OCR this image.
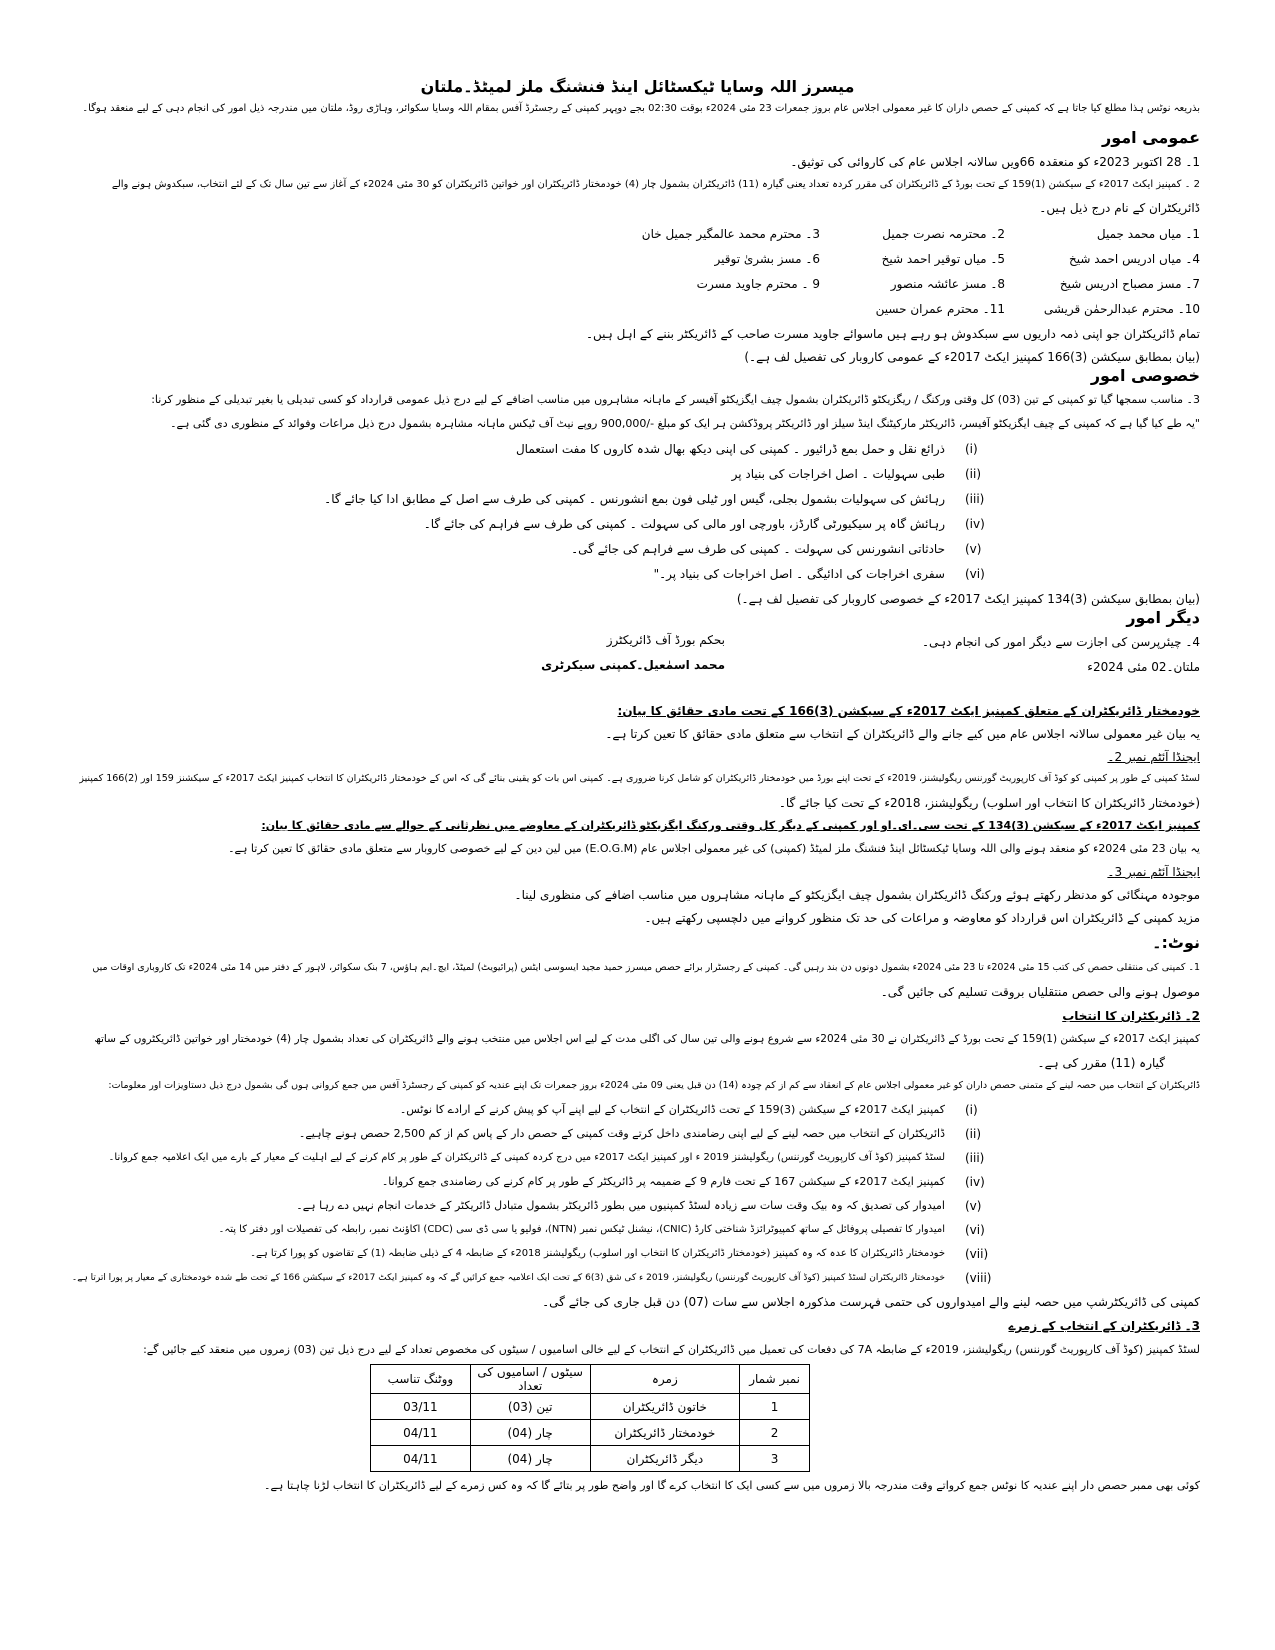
میسرز اللہ وسایا ٹیکسٹائل اینڈ فنشنگ ملز لمیٹڈ۔ملتان
بذریعہ نوٹس ہذا مطلع کیا جاتا ہے کہ کمپنی کے حصص داران کا غیر معمولی اجلاس عام بروز جمعرات 23 مئی 2024ء بوقت 02:30 بجے دوپہر کمپنی کے رجسٹرڈ آفس بمقام اللہ وسایا سکوائر، وہاڑی روڈ، ملتان میں مندرجہ ذیل امور کی انجام دہی کے لیے منعقد ہوگا۔
عمومی امور
1۔ 28 اکتوبر 2023ء کو منعقدہ 66ویں سالانہ اجلاس عام کی کاروائی کی توثیق۔
2 ۔ کمپنیز ایکٹ 2017ء کے سیکشن (1)159 کے تحت بورڈ کے ڈائریکٹران کی مقرر کردہ تعداد یعنی گیارہ (11) ڈائریکٹران بشمول چار (4) خودمختار ڈائریکٹران اور خواتین ڈائریکٹران کو 30 مئی 2024ء کے آغاز سے تین سال تک کے لئے انتخاب، سبکدوش ہونے والے
ڈائریکٹران کے نام درج ذیل ہیں۔
1۔ میاں محمد جمیل
2۔ محترمہ نصرت جمیل
3۔ محترم محمد عالمگیر جمیل خان
4۔ میاں ادریس احمد شیخ
5۔ میاں توقیر احمد شیخ
6۔ مسز بشریٰ توقیر
7۔ مسز مصباح ادریس شیخ
8۔ مسز عائشہ منصور
9 ۔ محترم جاوید مسرت
10۔ محترم عبدالرحمٰن قریشی
11۔ محترم عمران حسین
تمام ڈائریکٹران جو اپنی ذمہ داریوں سے سبکدوش ہو رہے ہیں ماسوائے جاوید مسرت صاحب کے ڈائریکٹر بننے کے اہل ہیں۔
(بیان بمطابق سیکشن (3)166 کمپنیز ایکٹ 2017ء کے عمومی کاروبار کی تفصیل لف ہے۔)
خصوصی امور
3۔ مناسب سمجھا گیا تو کمپنی کے تین (03) کل وقتی ورکنگ / ریگزیکٹو ڈائریکٹران بشمول چیف ایگزیکٹو آفیسر کے ماہانہ مشاہروں میں مناسب اضافے کے لیے درج ذیل عمومی قرارداد کو کسی تبدیلی یا بغیر تبدیلی کے منظور کرنا:
"یہ طے کیا گیا ہے کہ کمپنی کے چیف ایگزیکٹو آفیسر، ڈائریکٹر مارکیٹنگ اینڈ سیلز اور ڈائریکٹر پروڈکشن ہر ایک کو مبلغ -/900,000 روپے نیٹ آف ٹیکس ماہانہ مشاہرہ بشمول درج ذیل مراعات وفوائد کے منظوری دی گئی ہے۔
(i)
ذرائع نقل و حمل بمع ڈرائیور ۔ کمپنی کی اپنی دیکھ بھال شدہ کاروں کا مفت استعمال
(ii)
طبی سہولیات ۔ اصل اخراجات کی بنیاد پر
(iii)
رہائش کی سہولیات بشمول بجلی، گیس اور ٹیلی فون بمع انشورنس ۔ کمپنی کی طرف سے اصل کے مطابق ادا کیا جائے گا۔
(iv)
رہائش گاہ پر سیکیورٹی گارڈز، باورچی اور مالی کی سہولت ۔ کمپنی کی طرف سے فراہم کی جائے گا۔
(v)
حادثاتی انشورنس کی سہولت ۔ کمپنی کی طرف سے فراہم کی جائے گی۔
(vi)
سفری اخراجات کی ادائیگی ۔ اصل اخراجات کی بنیاد پر۔"
(بیان بمطابق سیکشن (3)134 کمپنیز ایکٹ 2017ء کے خصوصی کاروبار کی تفصیل لف ہے۔)
دیگر امور
4۔ چیئرپرسن کی اجازت سے دیگر امور کی انجام دہی۔
ملتان۔02 مئی 2024ء
بحکم بورڈ آف ڈائریکٹرز
محمد اسمٰعیل۔کمپنی سیکرٹری
خودمختار ڈائریکٹران کے متعلق کمپنیز ایکٹ 2017ء کے سیکشن (3)166 کے تحت مادی حقائق کا بیان:
یہ بیان غیر معمولی سالانہ اجلاس عام میں کیے جانے والے ڈائریکٹران کے انتخاب سے متعلق مادی حقائق کا تعین کرتا ہے۔
ایجنڈا آئٹم نمبر 2۔
لسٹڈ کمپنی کے طور پر کمپنی کو کوڈ آف کارپوریٹ گورننس ریگولیشنز، 2019ء کے تحت اپنے بورڈ میں خودمختار ڈائریکٹران کو شامل کرنا ضروری ہے۔ کمپنی اس بات کو یقینی بنائے گی کہ اس کے خودمختار ڈائریکٹران کا انتخاب کمپنیز ایکٹ 2017ء کے سیکشنز 159 اور (2)166 کمپنیز
(خودمختار ڈائریکٹران کا انتخاب اور اسلوب) ریگولیشنز، 2018ء کے تحت کیا جائے گا۔
کمپنیز ایکٹ 2017ء کے سیکشن (3)134 کے تحت سی۔ای۔او اور کمپنی کے دیگر کل وقتی ورکنگ ایگزیکٹو ڈائریکٹران کے معاوضے میں نظرثانی کے حوالے سے مادی حقائق کا بیان:
یہ بیان 23 مئی 2024ء کو منعقد ہونے والی اللہ وسایا ٹیکسٹائل اینڈ فنشنگ ملز لمیٹڈ (کمپنی) کی غیر معمولی اجلاس عام (E.O.G.M) میں لین دین کے لیے خصوصی کاروبار سے متعلق مادی حقائق کا تعین کرتا ہے۔
ایجنڈا آئٹم نمبر 3۔
موجودہ مہنگائی کو مدنظر رکھتے ہوئے ورکنگ ڈائریکٹران بشمول چیف ایگزیکٹو کے ماہانہ مشاہروں میں مناسب اضافے کی منظوری لینا۔
مزید کمپنی کے ڈائریکٹران اس قرارداد کو معاوضہ و مراعات کی حد تک منظور کروانے میں دلچسپی رکھتے ہیں۔
نوٹ:۔
1۔ کمپنی کی منتقلی حصص کی کتب 15 مئی 2024ء تا 23 مئی 2024ء بشمول دونوں دن بند رہیں گی۔ کمپنی کے رجسٹرار برائے حصص میسرز حمید مجید ایسوسی ایٹس (پرائیویٹ) لمیٹڈ، ایچ۔ایم ہاؤس، 7 بنک سکوائر، لاہور کے دفتر میں 14 مئی 2024ء تک کاروباری اوقات میں
موصول ہونے والی حصص منتقلیاں بروقت تسلیم کی جائیں گی۔
2۔ ڈائریکٹران کا انتخاب
کمپنیز ایکٹ 2017ء کے سیکشن (1)159 کے تحت بورڈ کے ڈائریکٹران نے 30 مئی 2024ء سے شروع ہونے والی تین سال کی اگلی مدت کے لیے اس اجلاس میں منتخب ہونے والے ڈائریکٹران کی تعداد بشمول چار (4) خودمختار اور خواتین ڈائریکٹروں کے ساتھ
گیارہ (11) مقرر کی ہے۔
ڈائریکٹران کے انتخاب میں حصہ لینے کے متمنی حصص داران کو غیر معمولی اجلاس عام کے انعقاد سے کم از کم چودہ (14) دن قبل یعنی 09 مئی 2024ء بروز جمعرات تک اپنے عندیہ کو کمپنی کے رجسٹرڈ آفس میں جمع کروانی ہوں گی بشمول درج ذیل دستاویزات اور معلومات:
(i)
کمپنیز ایکٹ 2017ء کے سیکشن (3)159 کے تحت ڈائریکٹران کے انتخاب کے لیے اپنے آپ کو پیش کرنے کے ارادے کا نوٹس۔
(ii)
ڈائریکٹران کے انتخاب میں حصہ لینے کے لیے اپنی رضامندی داخل کرتے وقت کمپنی کے حصص دار کے پاس کم از کم 2,500 حصص ہونے چاہیے۔
(iii)
لسٹڈ کمپنیز (کوڈ آف کارپوریٹ گورننس) ریگولیشنز 2019 ء اور کمپنیز ایکٹ 2017ء میں درج کردہ کمپنی کے ڈائریکٹران کے طور پر کام کرنے کے لیے اہلیت کے معیار کے بارے میں ایک اعلامیہ جمع کروانا۔
(iv)
کمپنیز ایکٹ 2017ء کے سیکشن 167 کے تحت فارم 9 کے ضمیمہ پر ڈائریکٹر کے طور پر کام کرنے کی رضامندی جمع کروانا۔
(v)
امیدوار کی تصدیق کہ وہ بیک وقت سات سے زیادہ لسٹڈ کمپنیوں میں بطور ڈائریکٹر بشمول متبادل ڈائریکٹر کے خدمات انجام نہیں دے رہا ہے۔
(vi)
امیدوار کا تفصیلی پروفائل کے ساتھ کمپیوٹرائزڈ شناختی کارڈ (CNIC)، نیشنل ٹیکس نمبر (NTN)، فولیو یا سی ڈی سی (CDC) اکاؤنٹ نمبر، رابطہ کی تفصیلات اور دفتر کا پتہ۔
(vii)
خودمختار ڈائریکٹران کا عدہ کہ وہ کمپنیز (خودمختار ڈائریکٹران کا انتخاب اور اسلوب) ریگولیشنز 2018ء کے ضابطہ 4 کے ذیلی ضابطہ (1) کے تقاضوں کو پورا کرتا ہے۔
(viii)
خودمختار ڈائریکٹران لسٹڈ کمپنیز (کوڈ آف کارپوریٹ گورننس) ریگولیشنز، 2019 ء کی شق (3)6 کے تحت ایک اعلامیہ جمع کرائیں گے کہ وہ کمپنیز ایکٹ 2017ء کے سیکشن 166 کے تحت طے شدہ خودمختاری کے معیار پر پورا اترتا ہے۔
کمپنی کی ڈائریکٹرشپ میں حصہ لینے والے امیدواروں کی حتمی فہرست مذکورہ اجلاس سے سات (07) دن قبل جاری کی جائے گی۔
3۔ ڈائریکٹران کے انتخاب کے زمرے
لسٹڈ کمپنیز (کوڈ آف کارپوریٹ گورننس) ریگولیشنز، 2019ء کے ضابطہ 7A کی دفعات کی تعمیل میں ڈائریکٹران کے انتخاب کے لیے خالی اسامیوں / سیٹوں کی مخصوص تعداد کے لیے درج ذیل تین (03) زمروں میں منعقد کیے جائیں گے:
نمبر شمار	زمرہ	سیٹوں / اسامیوں کی تعداد	ووٹنگ تناسب
1	خاتون ڈائریکٹران	تین (03)	03/11
2	خودمختار ڈائریکٹران	چار (04)	04/11
3	دیگر ڈائریکٹران	چار (04)	04/11
کوئی بھی ممبر حصص دار اپنے عندیہ کا نوٹس جمع کرواتے وقت مندرجہ بالا زمروں میں سے کسی ایک کا انتخاب کرے گا اور واضح طور پر بتائے گا کہ وہ کس زمرے کے لیے ڈائریکٹران کا انتخاب لڑنا چاہتا ہے۔
